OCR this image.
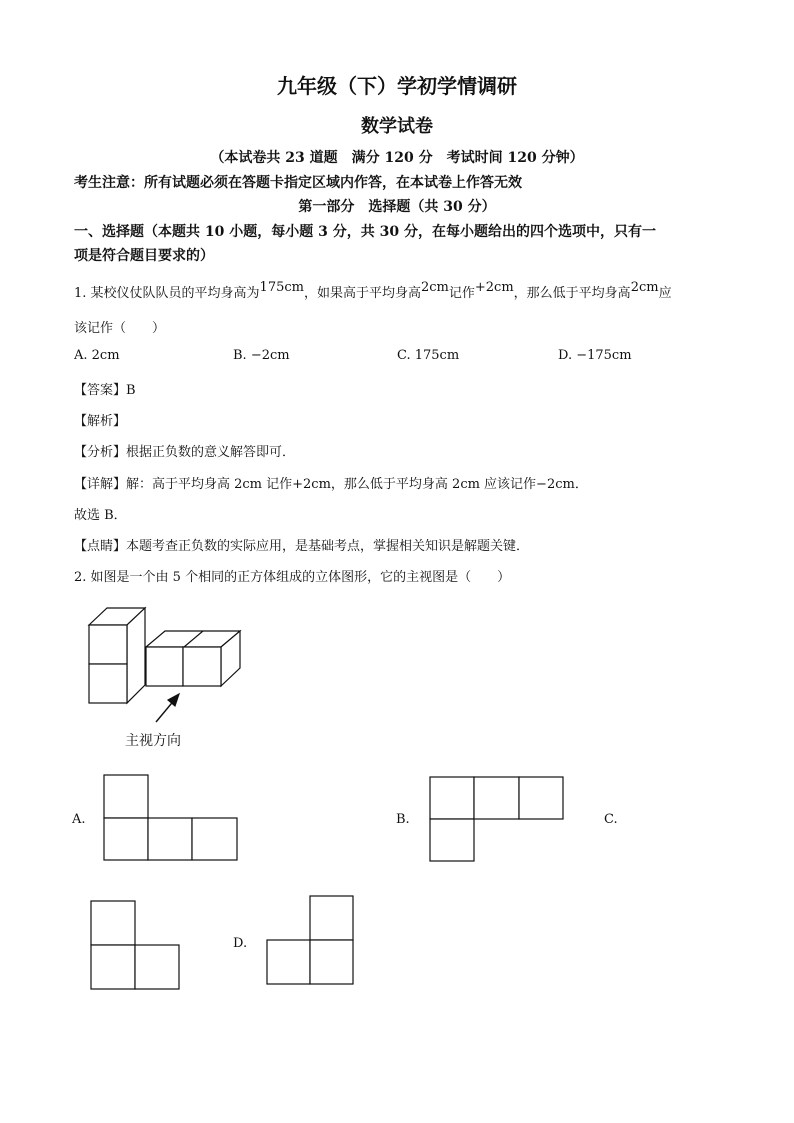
九年级（下）学初学情调研
数学试卷
（本试卷共 23 道题　满分 120 分　考试时间 120 分钟）
考生注意：所有试题必须在答题卡指定区域内作答，在本试卷上作答无效
第一部分　选择题（共 30 分）
一、选择题（本题共 10 小题，每小题 3 分，共 30 分，在每小题给出的四个选项中，只有一
项是符合题目要求的）
1. 某校仪仗队队员的平均身高为175cm，如果高于平均身高2cm记作+2cm，那么低于平均身高2cm应
该记作（　　）
A. 2cm	B. −2cm	C. 175cm	D. −175cm
【答案】B
【解析】
【分析】根据正负数的意义解答即可．
【详解】解：高于平均身高 2cm 记作+2cm，那么低于平均身高 2cm 应该记作−2cm．
故选 B．
【点睛】本题考查正负数的实际应用，是基础考点，掌握相关知识是解题关键．
2. 如图是一个由 5 个相同的正方体组成的立体图形，它的主视图是（　　）
主视方向
A.	B.	C.
D.
